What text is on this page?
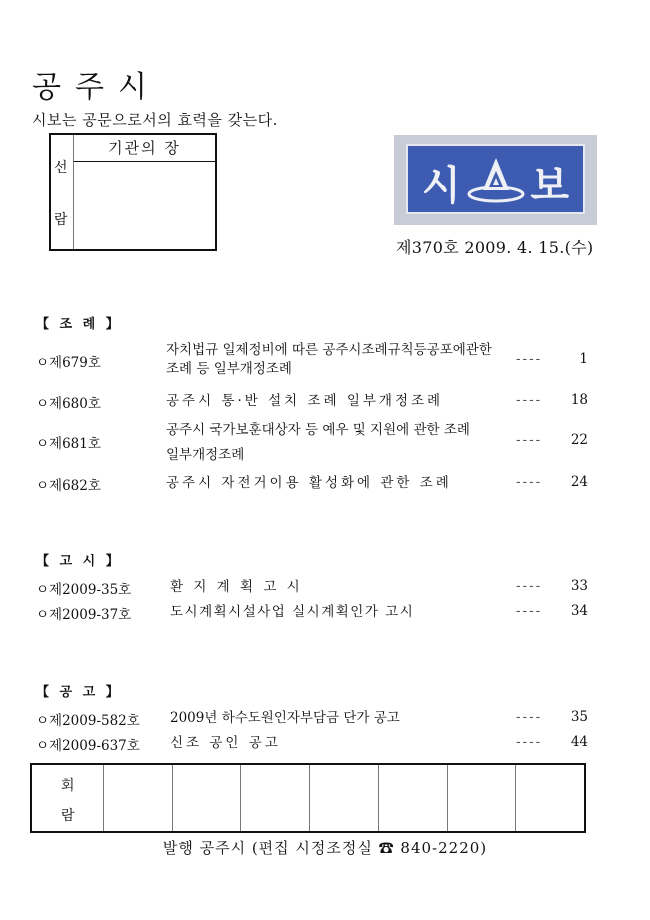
공주시
시보는 공문으로서의 효력을 갖는다.
선
람
기관의 장
시 보
제370호 2009. 4. 15.(수)
【 조 례 】
ㅇ제679호
자치법규 일제정비에 따른 공주시조례규칙등공포에관한
조례 등 일부개정조례
----	1
ㅇ제680호	공주시 통·반 설치 조례 일부개정조례	---- 18
ㅇ제681호
공주시 국가보훈대상자 등 예우 및 지원에 관한 조례
일부개정조례
---- 22
ㅇ제682호	공주시 자전거이용 활성화에 관한 조례	---- 24
【 고 시 】
ㅇ제2009-35호	환 지 계 획 고 시	---- 33
ㅇ제2009-37호	도시계획시설사업 실시계획인가 고시	---- 34
【 공 고 】
ㅇ제2009-582호 2009년 하수도원인자부담금 단가 공고	---- 35
ㅇ제2009-637호 신조 공인 공고	---- 44
회
람
발행 공주시 (편집 시정조정실 ☎ 840-2220)
